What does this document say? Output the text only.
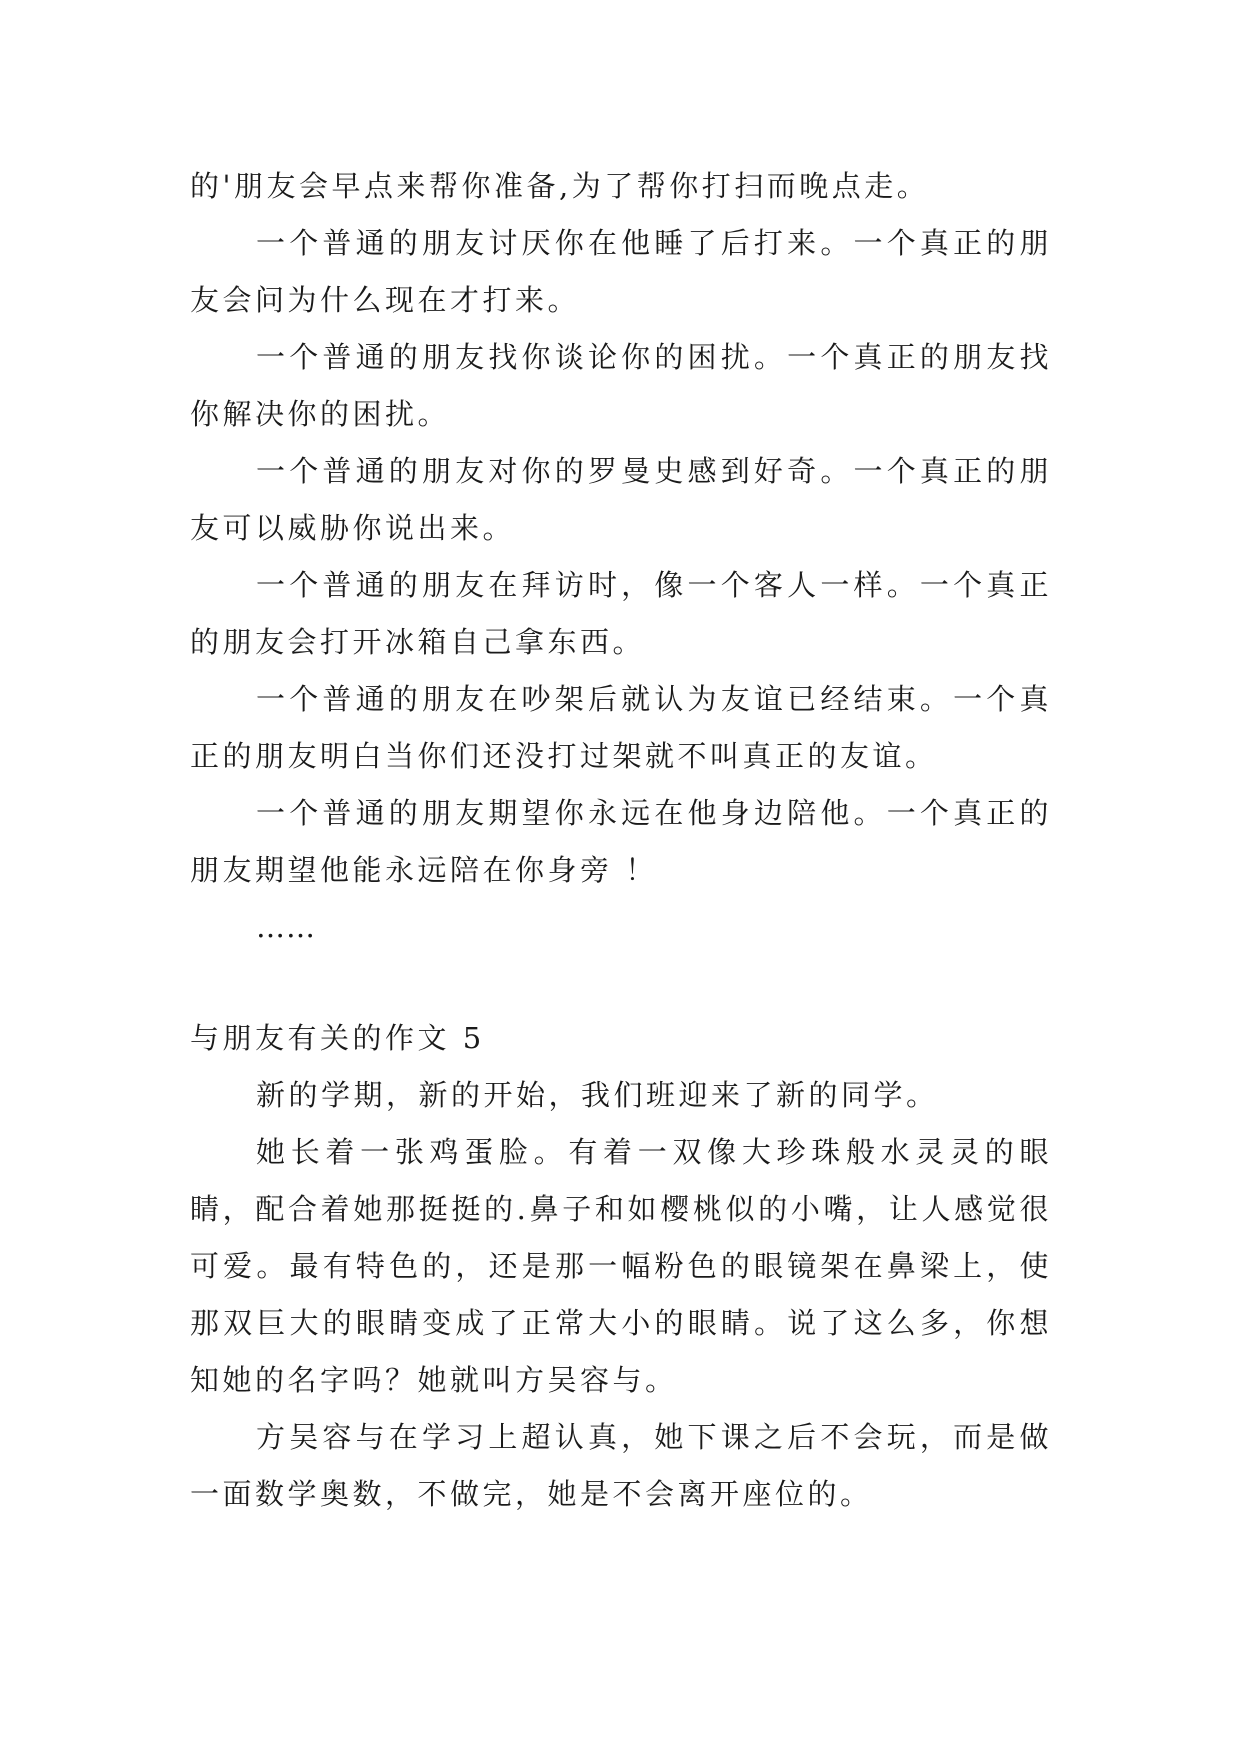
的'朋友会早点来帮你准备,为了帮你打扫而晚点走。

一个普通的朋友讨厌你在他睡了后打来。一个真正的朋友会问为什么现在才打来。

一个普通的朋友找你谈论你的困扰。一个真正的朋友找你解决你的困扰。

一个普通的朋友对你的罗曼史感到好奇。一个真正的朋友可以威胁你说出来。

一个普通的朋友在拜访时，像一个客人一样。一个真正的朋友会打开冰箱自己拿东西。

一个普通的朋友在吵架后就认为友谊已经结束。一个真正的朋友明白当你们还没打过架就不叫真正的友谊。

一个普通的朋友期望你永远在他身边陪他。一个真正的朋友期望他能永远陪在你身旁 ！

……

与朋友有关的作文 5

新的学期，新的开始，我们班迎来了新的同学。

她长着一张鸡蛋脸。有着一双像大珍珠般水灵灵的眼睛，配合着她那挺挺的.鼻子和如樱桃似的小嘴，让人感觉很可爱。最有特色的，还是那一幅粉色的眼镜架在鼻梁上，使那双巨大的眼睛变成了正常大小的眼睛。说了这么多，你想知她的名字吗？她就叫方吴容与。

方吴容与在学习上超认真，她下课之后不会玩，而是做一面数学奥数，不做完，她是不会离开座位的。
